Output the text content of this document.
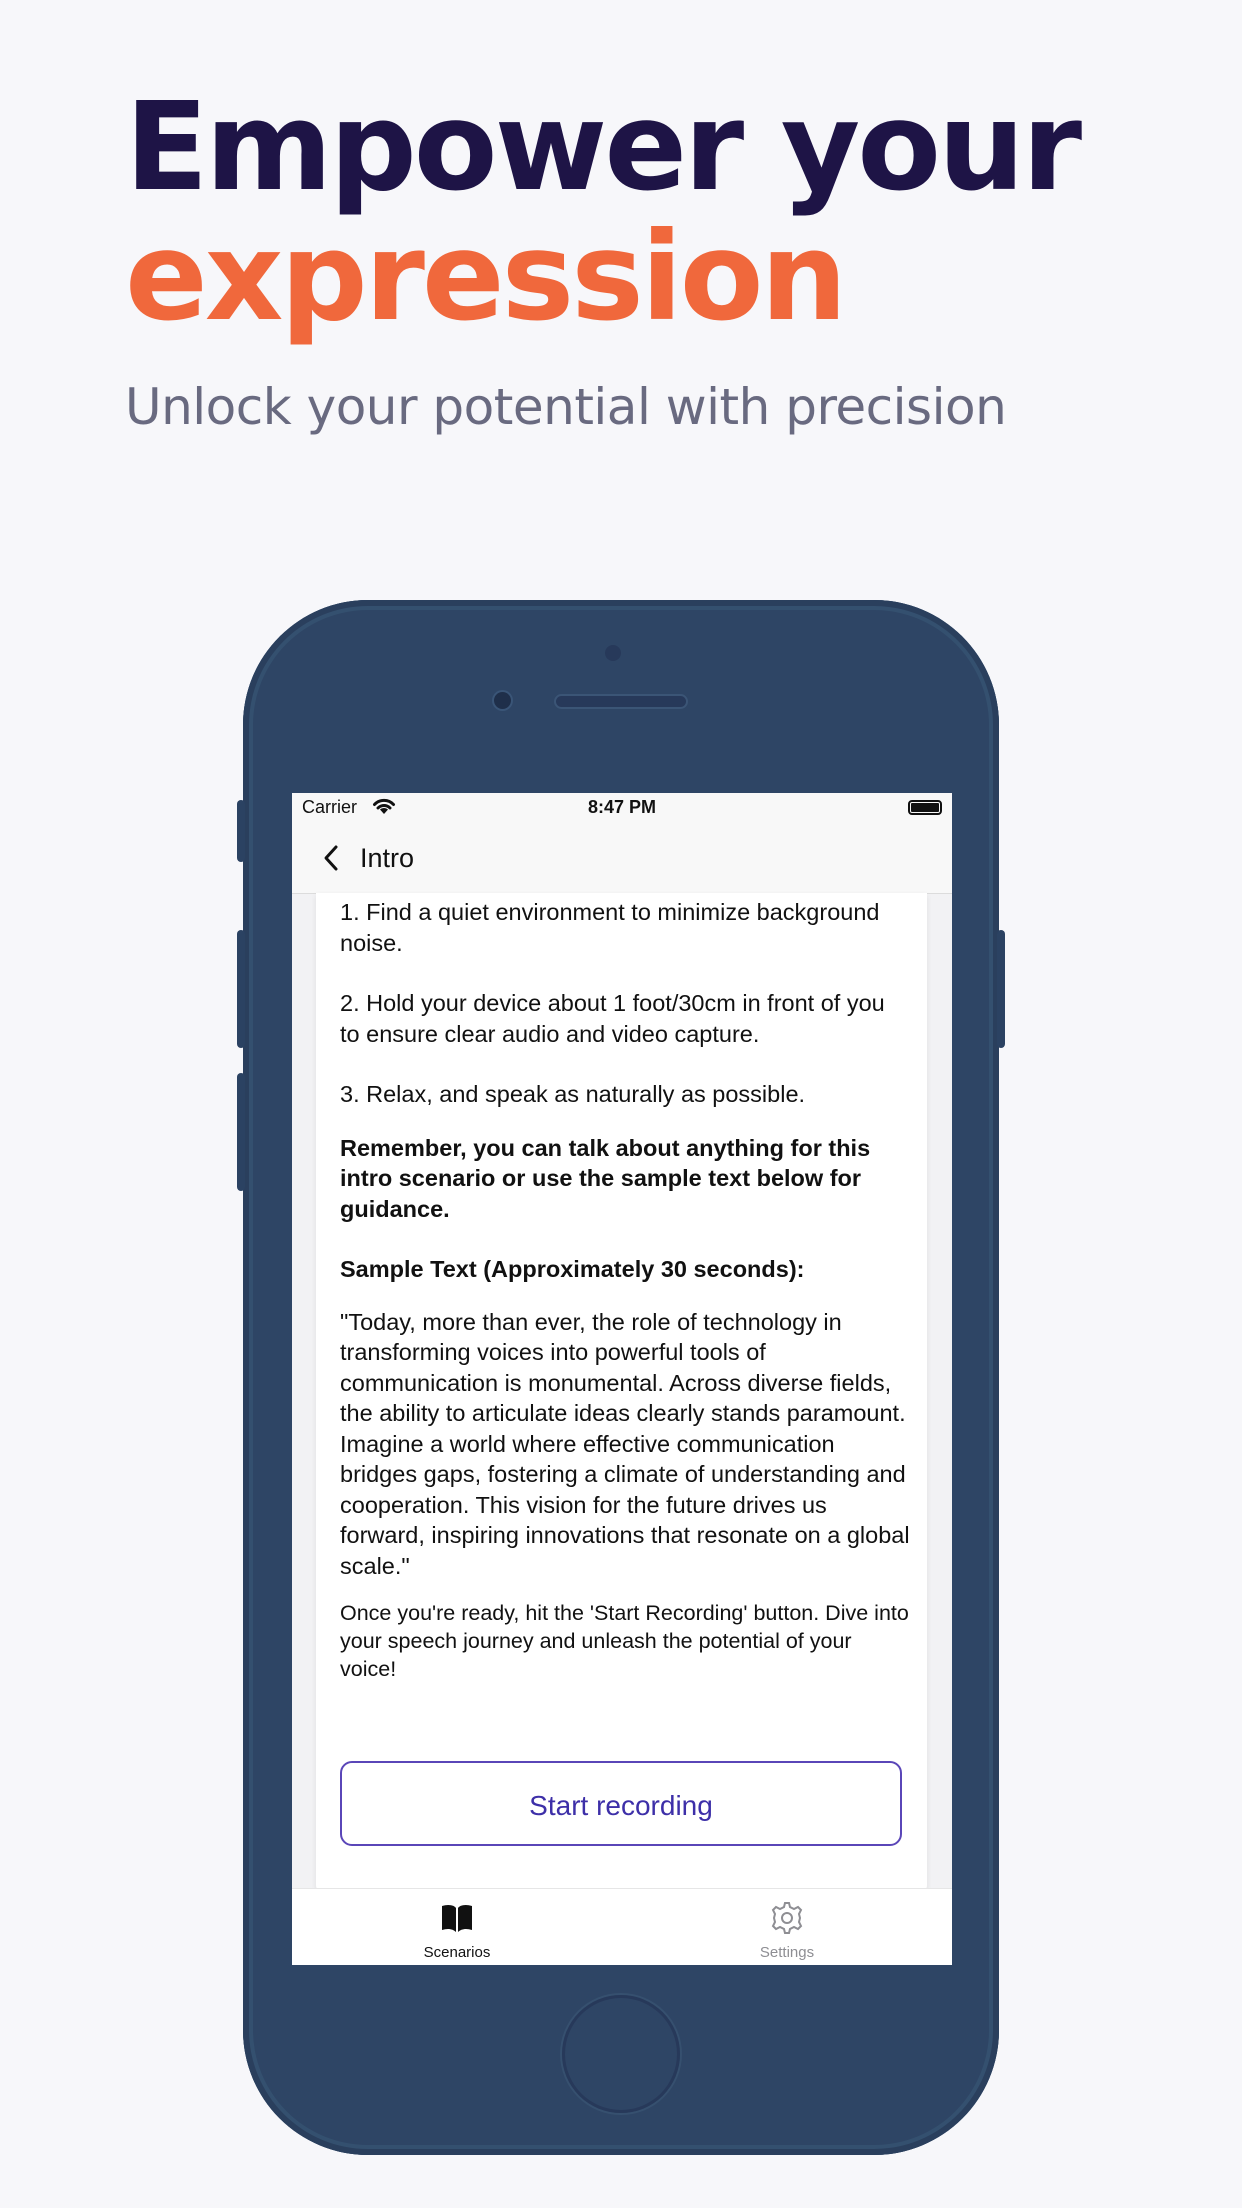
Empower your
expression

Unlock your potential with precision

Carrier	8:47 PM
Intro

1. Find a quiet environment to minimize background noise.

2. Hold your device about 1 foot/30cm in front of you to ensure clear audio and video capture.

3. Relax, and speak as naturally as possible.

Remember, you can talk about anything for this intro scenario or use the sample text below for guidance.

Sample Text (Approximately 30 seconds):

"Today, more than ever, the role of technology in transforming voices into powerful tools of communication is monumental. Across diverse fields, the ability to articulate ideas clearly stands paramount. Imagine a world where effective communication bridges gaps, fostering a climate of understanding and cooperation. This vision for the future drives us forward, inspiring innovations that resonate on a global scale."

Once you're ready, hit the 'Start Recording' button. Dive into your speech journey and unleash the potential of your voice!

Start recording
Scenarios	Settings
